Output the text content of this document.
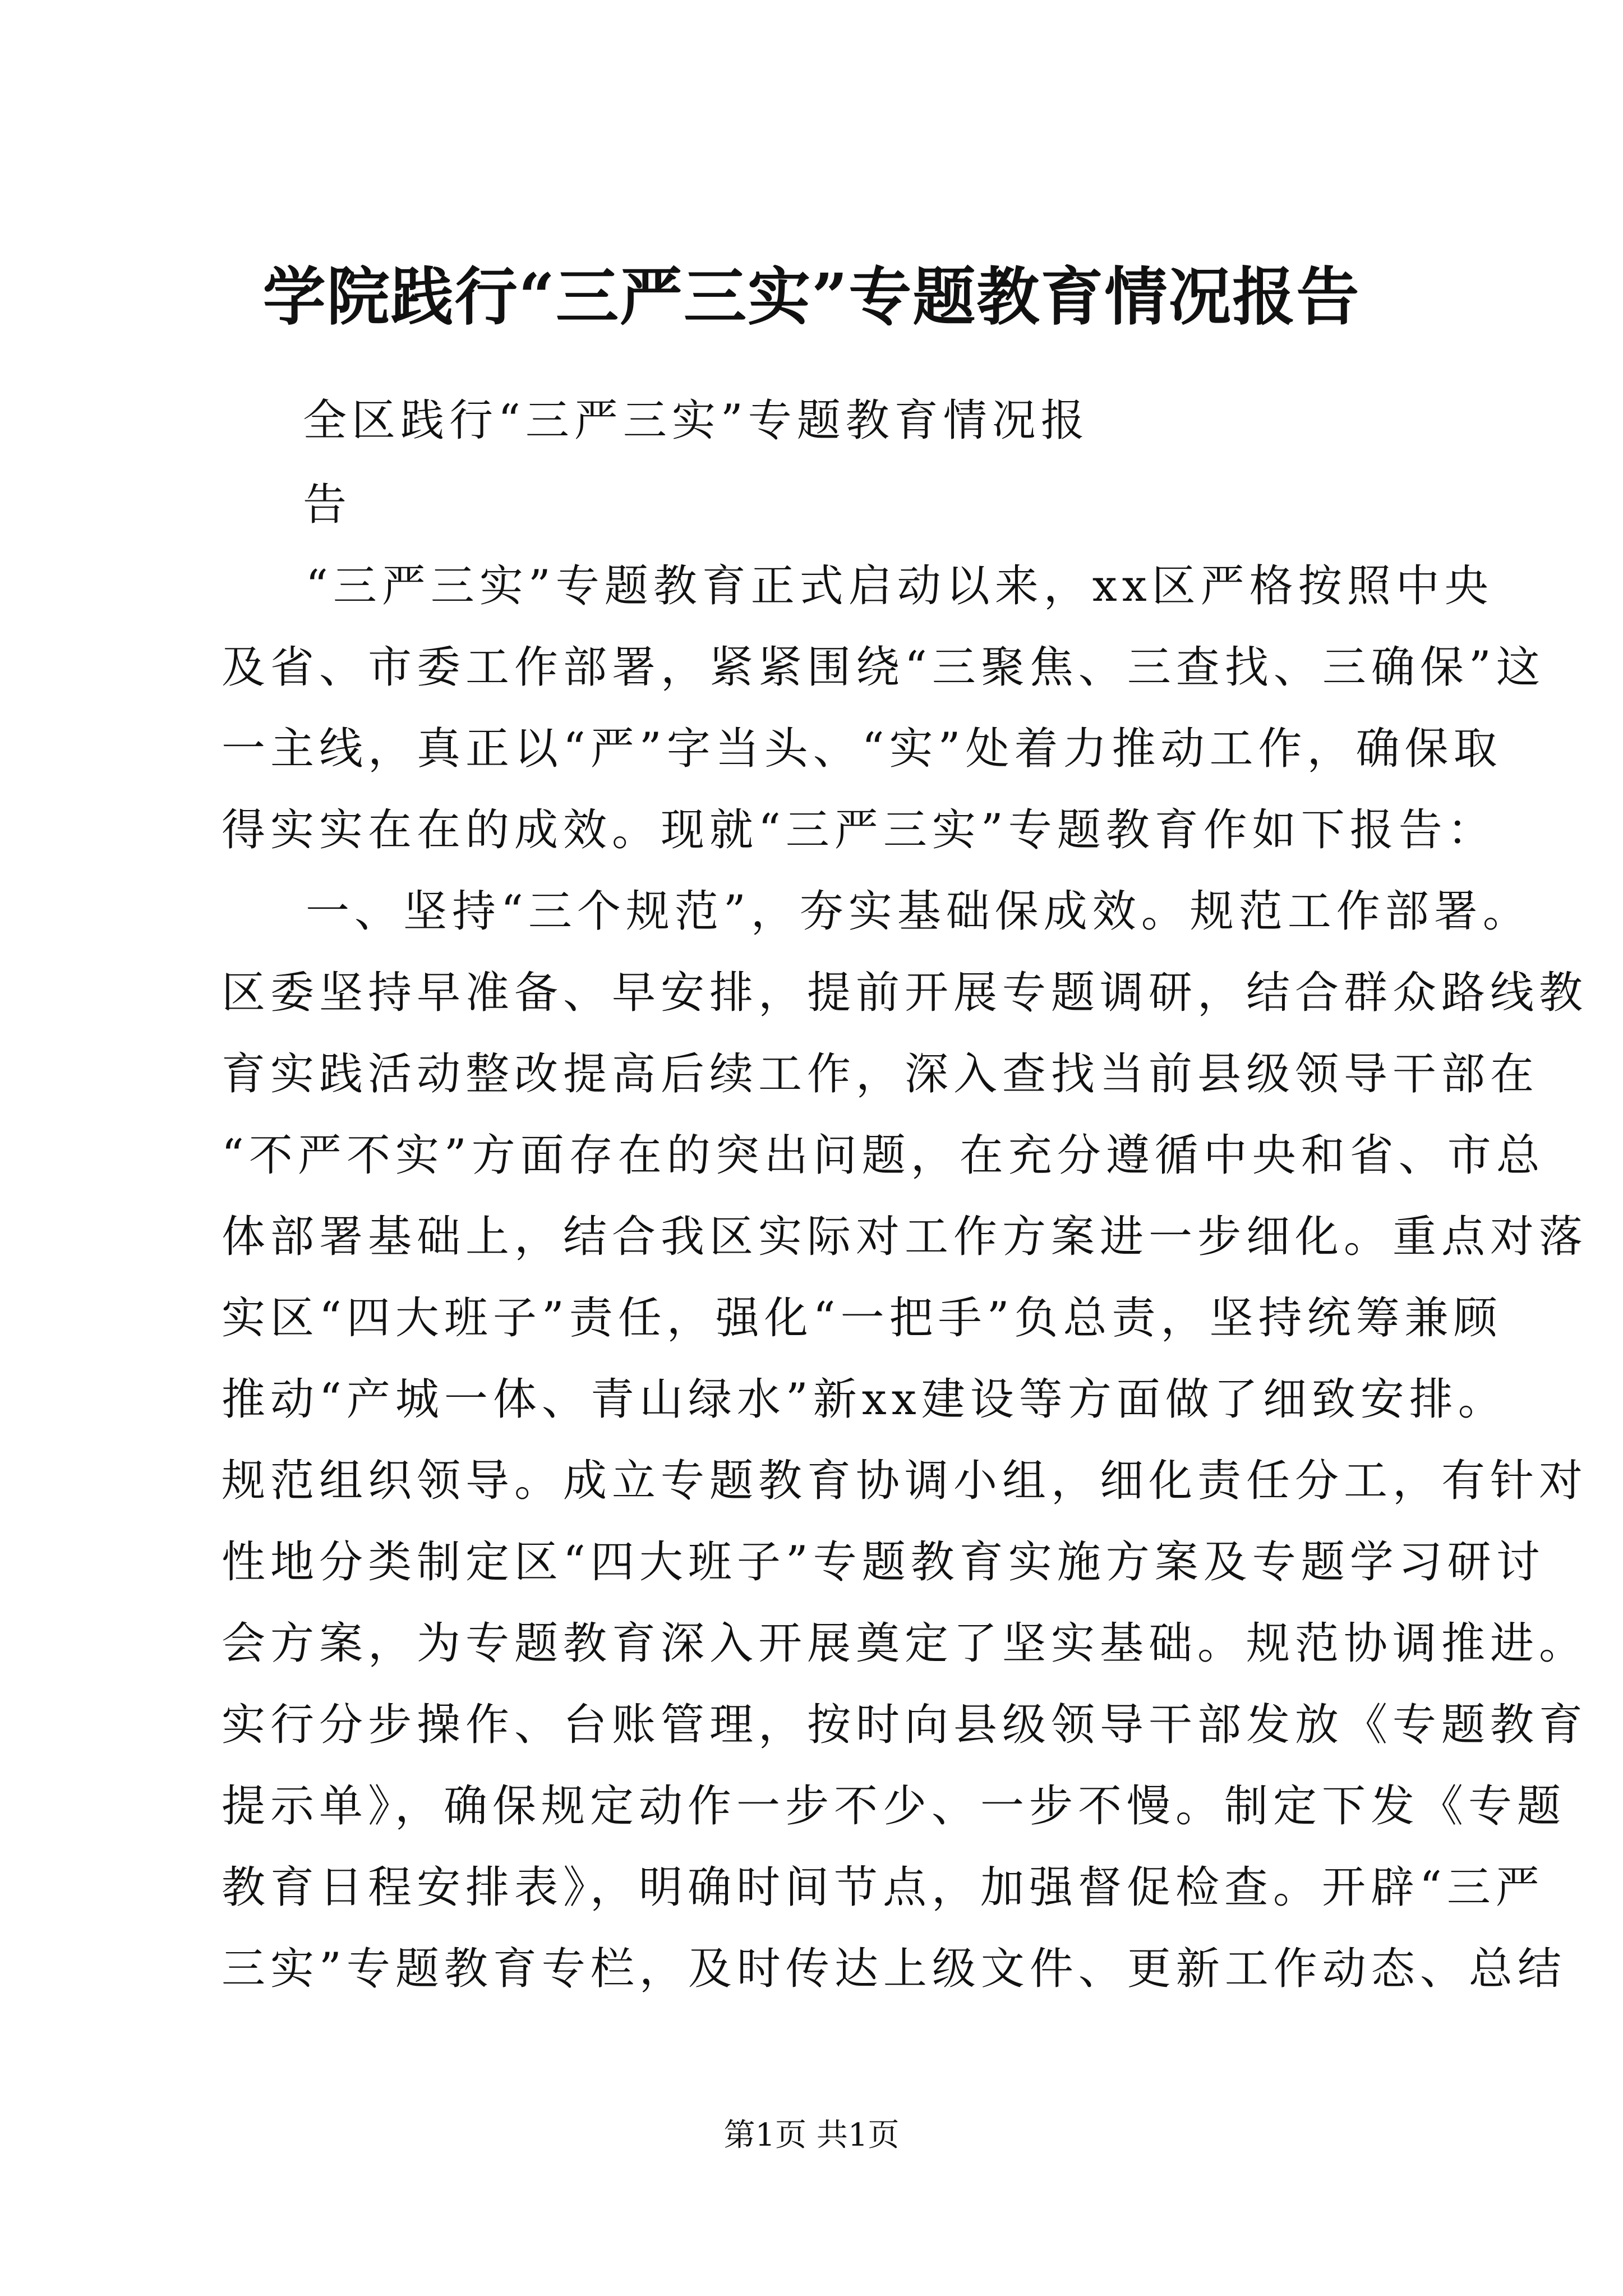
学院践行“三严三实”专题教育情况报告
全区践行“三严三实”专题教育情况报
告
“三严三实”专题教育正式启动以来，xx区严格按照中央
及省、市委工作部署，紧紧围绕“三聚焦、三查找、三确保”这
一主线，真正以“严”字当头、“实”处着力推动工作，确保取
得实实在在的成效。现就“三严三实”专题教育作如下报告：
一、坚持“三个规范”，夯实基础保成效。规范工作部署。
区委坚持早准备、早安排，提前开展专题调研，结合群众路线教
育实践活动整改提高后续工作，深入查找当前县级领导干部在
“不严不实”方面存在的突出问题，在充分遵循中央和省、市总
体部署基础上，结合我区实际对工作方案进一步细化。重点对落
实区“四大班子”责任，强化“一把手”负总责，坚持统筹兼顾
推动“产城一体、青山绿水”新xx建设等方面做了细致安排。
规范组织领导。成立专题教育协调小组，细化责任分工，有针对
性地分类制定区“四大班子”专题教育实施方案及专题学习研讨
会方案，为专题教育深入开展奠定了坚实基础。规范协调推进。
实行分步操作、台账管理，按时向县级领导干部发放《专题教育
提示单》，确保规定动作一步不少、一步不慢。制定下发《专题
教育日程安排表》，明确时间节点，加强督促检查。开辟“三严
三实”专题教育专栏，及时传达上级文件、更新工作动态、总结
第1页 共1页
